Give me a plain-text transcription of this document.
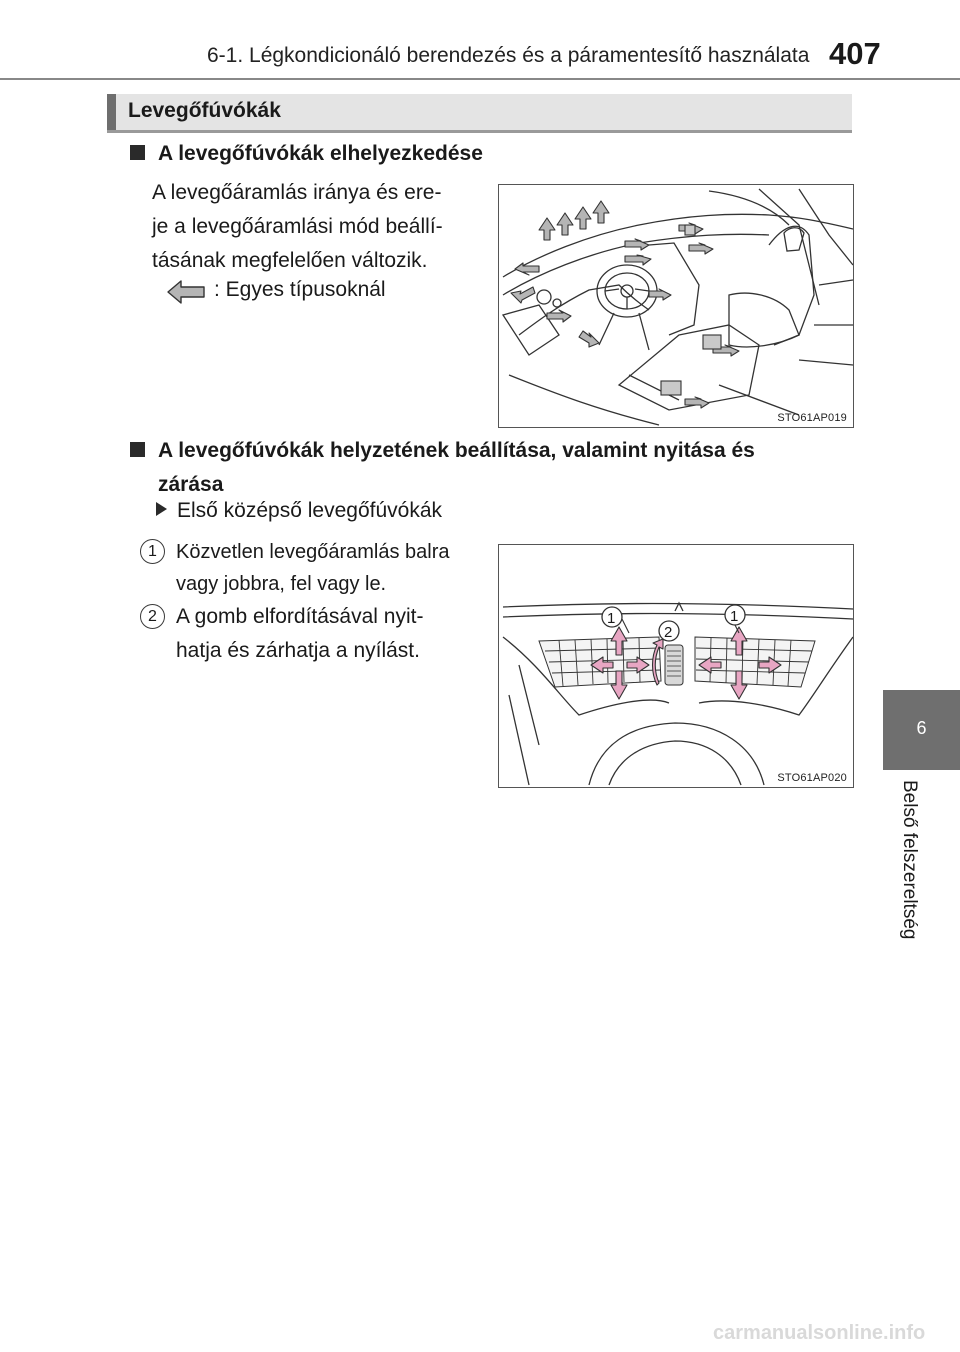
6-1. Légkondicionáló berendezés és a páramentesítő használata 407
Levegőfúvókák
A levegőfúvókák elhelyezkedése
A levegőáramlás iránya és ere-
je a levegőáramlási mód beállí-
tásának megfelelően változik.
: Egyes típusoknál
STO61AP019
A levegőfúvókák helyzetének beállítása, valamint nyitása és
zárása
Első középső levegőfúvókák
1 Közvetlen levegőáramlás balra
vagy jobbra, fel vagy le.
2 A gomb elfordításával nyit-
hatja és zárhatja a nyílást.
1
2
1
STO61AP020
6
Belső felszereltség
carmanualsonline.info
